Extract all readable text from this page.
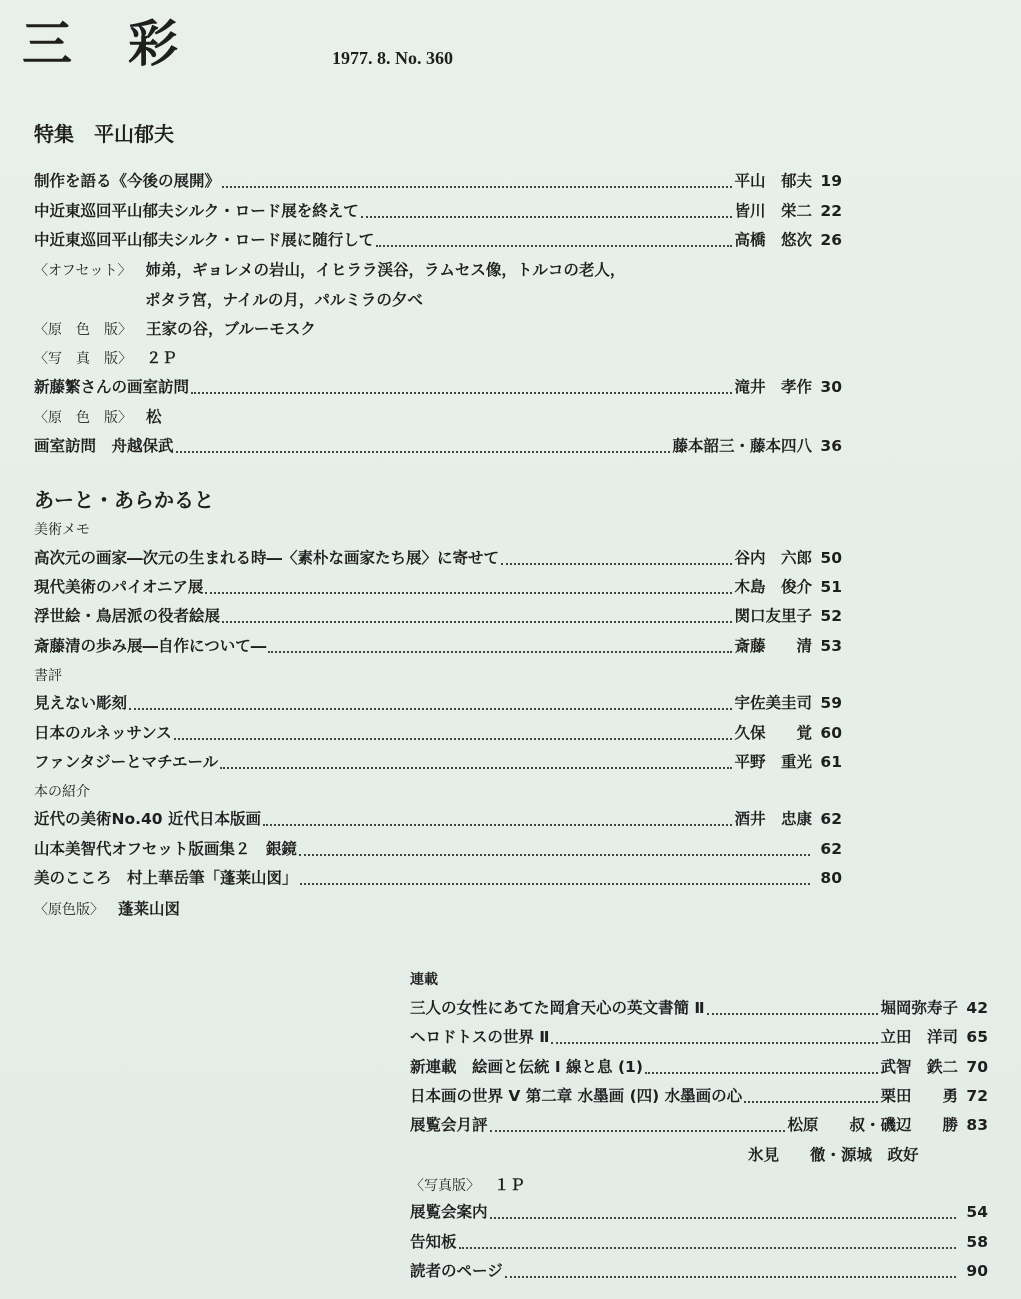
三彩	1977. 8. No. 360
特集　平山郁夫
制作を語る《今後の展開》	平山　郁夫 19
中近東巡回平山郁夫シルク・ロード展を終えて	皆川　栄二 22
中近東巡回平山郁夫シルク・ロード展に随行して	高橋　悠次 26
〈オフセット〉 姉弟，ギョレメの岩山，イヒララ渓谷，ラムセス像，トルコの老人，
ポタラ宮，ナイルの月，パルミラの夕べ
〈原　色　版〉 王家の谷，ブルーモスク
〈写　真　版〉 ２Ｐ
新藤繁さんの画室訪問	滝井　孝作 30
〈原　色　版〉 松
画室訪問　舟越保武	藤本韶三・藤本四八 36
あーと・あらかると
美術メモ
高次元の画家―次元の生まれる時―〈素朴な画家たち展〉に寄せて	谷内　六郎 50
現代美術のパイオニア展	木島　俊介 51
浮世絵・鳥居派の役者絵展	関口友里子 52
斎藤清の歩み展―自作について―	斎藤　　清 53
書評
見えない彫刻	宇佐美圭司 59
日本のルネッサンス	久保　　覚 60
ファンタジーとマチエール	平野　重光 61
本の紹介
近代の美術No.40 近代日本版画	酒井　忠康 62
山本美智代オフセット版画集２　銀鏡	62
美のこころ　村上華岳筆「蓬莱山図」	80
〈原色版〉 蓬莱山図
連載
三人の女性にあてた岡倉天心の英文書簡 Ⅱ	堀岡弥寿子 42
ヘロドトスの世界 Ⅱ	立田　洋司 65
新連載　絵画と伝統 Ⅰ 線と息 (1)	武智　鉄二 70
日本画の世界 Ⅴ 第二章 水墨画 (四) 水墨画の心	栗田　　勇 72
展覧会月評	松原　　叔・磯辺　　勝 83
氷見　　徹・源城　政好
〈写真版〉 １Ｐ
展覧会案内	54
告知板	58
読者のページ	90
